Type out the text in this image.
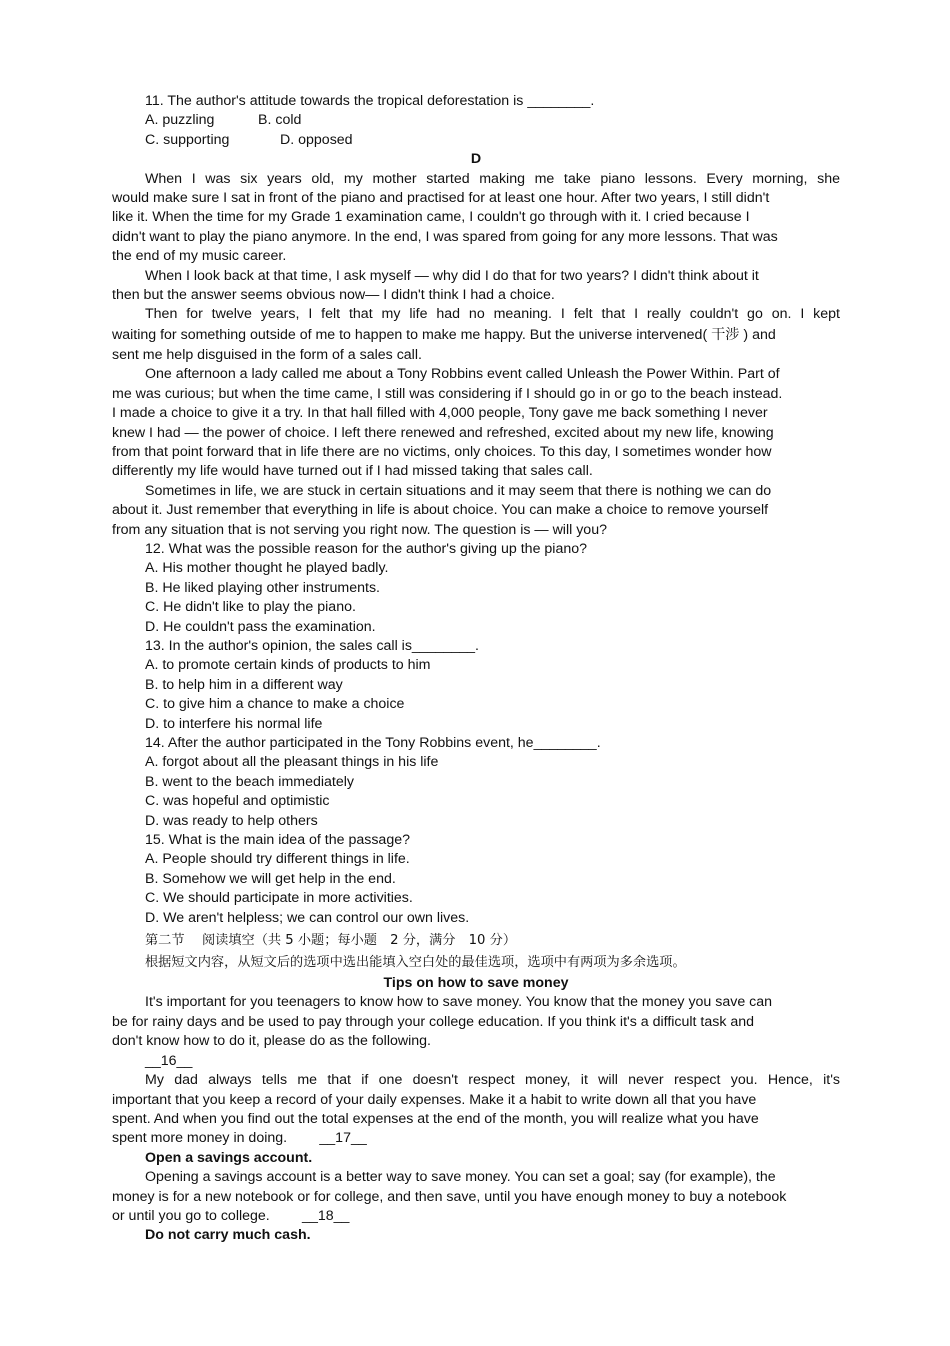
11. The author's attitude towards the tropical deforestation is ________.
A. puzzling	B. cold
C. supporting	D. opposed
D
When I was six years old, my mother started making me take piano lessons. Every morning, she
would make sure I sat in front of the piano and practised for at least one hour. After two years, I still didn't
like it. When the time for my Grade 1 examination came, I couldn't go through with it. I cried because I
didn't want to play the piano anymore. In the end, I was spared from going for any more lessons. That was
the end of my music career.
When I look back at that time, I ask myself — why did I do that for two years? I didn't think about it
then but the answer seems obvious now— I didn't think I had a choice.
Then for twelve years, I felt that my life had no meaning. I felt that I really couldn't go on. I kept
waiting for something outside of me to happen to make me happy. But the universe intervened( 干涉 ) and
sent me help disguised in the form of a sales call.
One afternoon a lady called me about a Tony Robbins event called Unleash the Power Within. Part of
me was curious; but when the time came, I still was considering if I should go in or go to the beach instead.
I made a choice to give it a try. In that hall filled with 4,000 people, Tony gave me back something I never
knew I had — the power of choice. I left there renewed and refreshed, excited about my new life, knowing
from that point forward that in life there are no victims, only choices. To this day, I sometimes wonder how
differently my life would have turned out if I had missed taking that sales call.
Sometimes in life, we are stuck in certain situations and it may seem that there is nothing we can do
about it. Just remember that everything in life is about choice. You can make a choice to remove yourself
from any situation that is not serving you right now. The question is — will you?
12. What was the possible reason for the author's giving up the piano?
A. His mother thought he played badly.
B. He liked playing other instruments.
C. He didn't like to play the piano.
D. He couldn't pass the examination.
13. In the author's opinion, the sales call is________.
A. to promote certain kinds of products to him
B. to help him in a different way
C. to give him a chance to make a choice
D. to interfere his normal life
14. After the author participated in the Tony Robbins event, he________.
A. forgot about all the pleasant things in his life
B. went to the beach immediately
C. was hopeful and optimistic
D. was ready to help others
15. What is the main idea of the passage?
A. People should try different things in life.
B. Somehow we will get help in the end.
C. We should participate in more activities.
D. We aren't helpless; we can control our own lives.
第二节　 阅读填空（共 5 小题；每小题　2 分，满分　10 分）
根据短文内容，从短文后的选项中选出能填入空白处的最佳选项，选项中有两项为多余选项。
Tips on how to save money
It's important for you teenagers to know how to save money. You know that the money you save can
be for rainy days and be used to pay through your college education. If you think it's a difficult task and
don't know how to do it, please do as the following.
__16__
My dad always tells me that if one doesn't respect money, it will never respect you. Hence, it's
important that you keep a record of your daily expenses. Make it a habit to write down all that you have
spent. And when you find out the total expenses at the end of the month, you will realize what you have
spent more money in doing.　　 __17__
Open a savings account.
Opening a savings account is a better way to save money. You can set a goal; say (for example), the
money is for a new notebook or for college, and then save, until you have enough money to buy a notebook
or until you go to college.　　 __18__
Do not carry much cash.
